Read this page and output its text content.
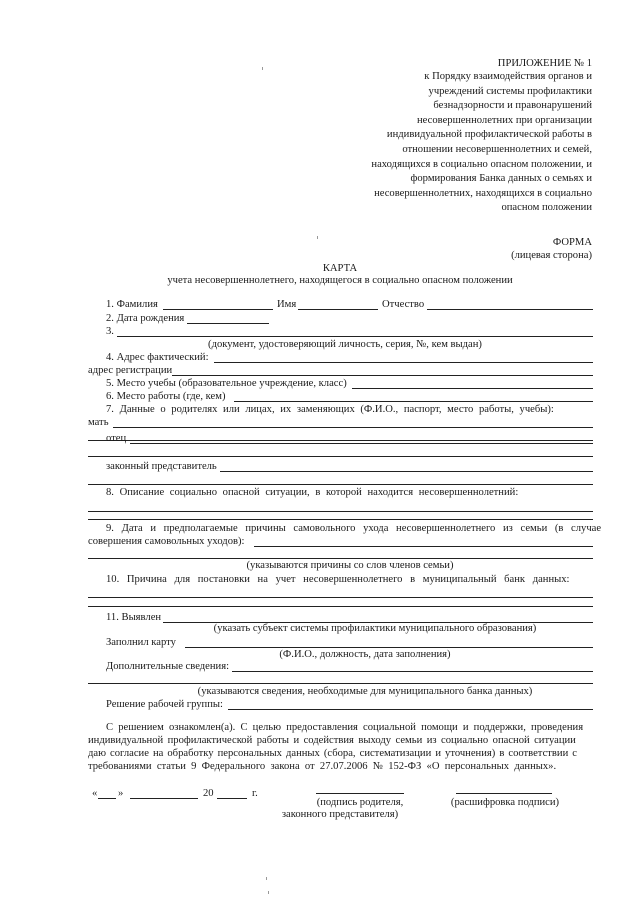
ПРИЛОЖЕНИЕ № 1
к Порядку взаимодействия органов и
учреждений системы профилактики
безнадзорности и правонарушений
несовершеннолетних при организации
индивидуальной профилактической работы в
отношении несовершеннолетних и семей,
находящихся в социально опасном положении, и
формирования Банка данных о семьях и
несовершеннолетних, находящихся в социально
опасном положении
ФОРМА
(лицевая сторона)
КАРТА
учета несовершеннолетнего, находящегося в социально опасном положении
1. Фамилия	Имя	Отчество
2. Дата рождения
3.
(документ, удостоверяющий личность, серия, №, кем выдан)
4. Адрес фактический:
адрес регистрации
5. Место учебы (образовательное учреждение, класс)
6. Место работы (где, кем)
7. Данные о родителях или лицах, их заменяющих (Ф.И.О., паспорт, место работы, учебы):
мать
отец
законный представитель
8. Описание социально опасной ситуации, в которой находится несовершеннолетний:
9. Дата и предполагаемые причины самовольного ухода несовершеннолетнего из семьи (в случае
совершения самовольных уходов):
(указываются причины со слов членов семьи)
10. Причина для постановки на учет несовершеннолетнего в муниципальный банк данных:
11. Выявлен
(указать субъект системы профилактики муниципального образования)
Заполнил карту
(Ф.И.О., должность, дата заполнения)
Дополнительные сведения:
(указываются сведения, необходимые для муниципального банка данных)
Решение рабочей группы:
С решением ознакомлен(а). С целью предоставления социальной помощи и поддержки, проведения
индивидуальной профилактической работы и содействия выходу семьи из социально опасной ситуации
даю согласие на обработку персональных данных (сбора, систематизации и уточнения) в соответствии с
требованиями статьи 9 Федерального закона от 27.07.2006 № 152-ФЗ «О персональных данных».
« »	20	г.
(подпись родителя,
законного представителя)
(расшифровка подписи)
